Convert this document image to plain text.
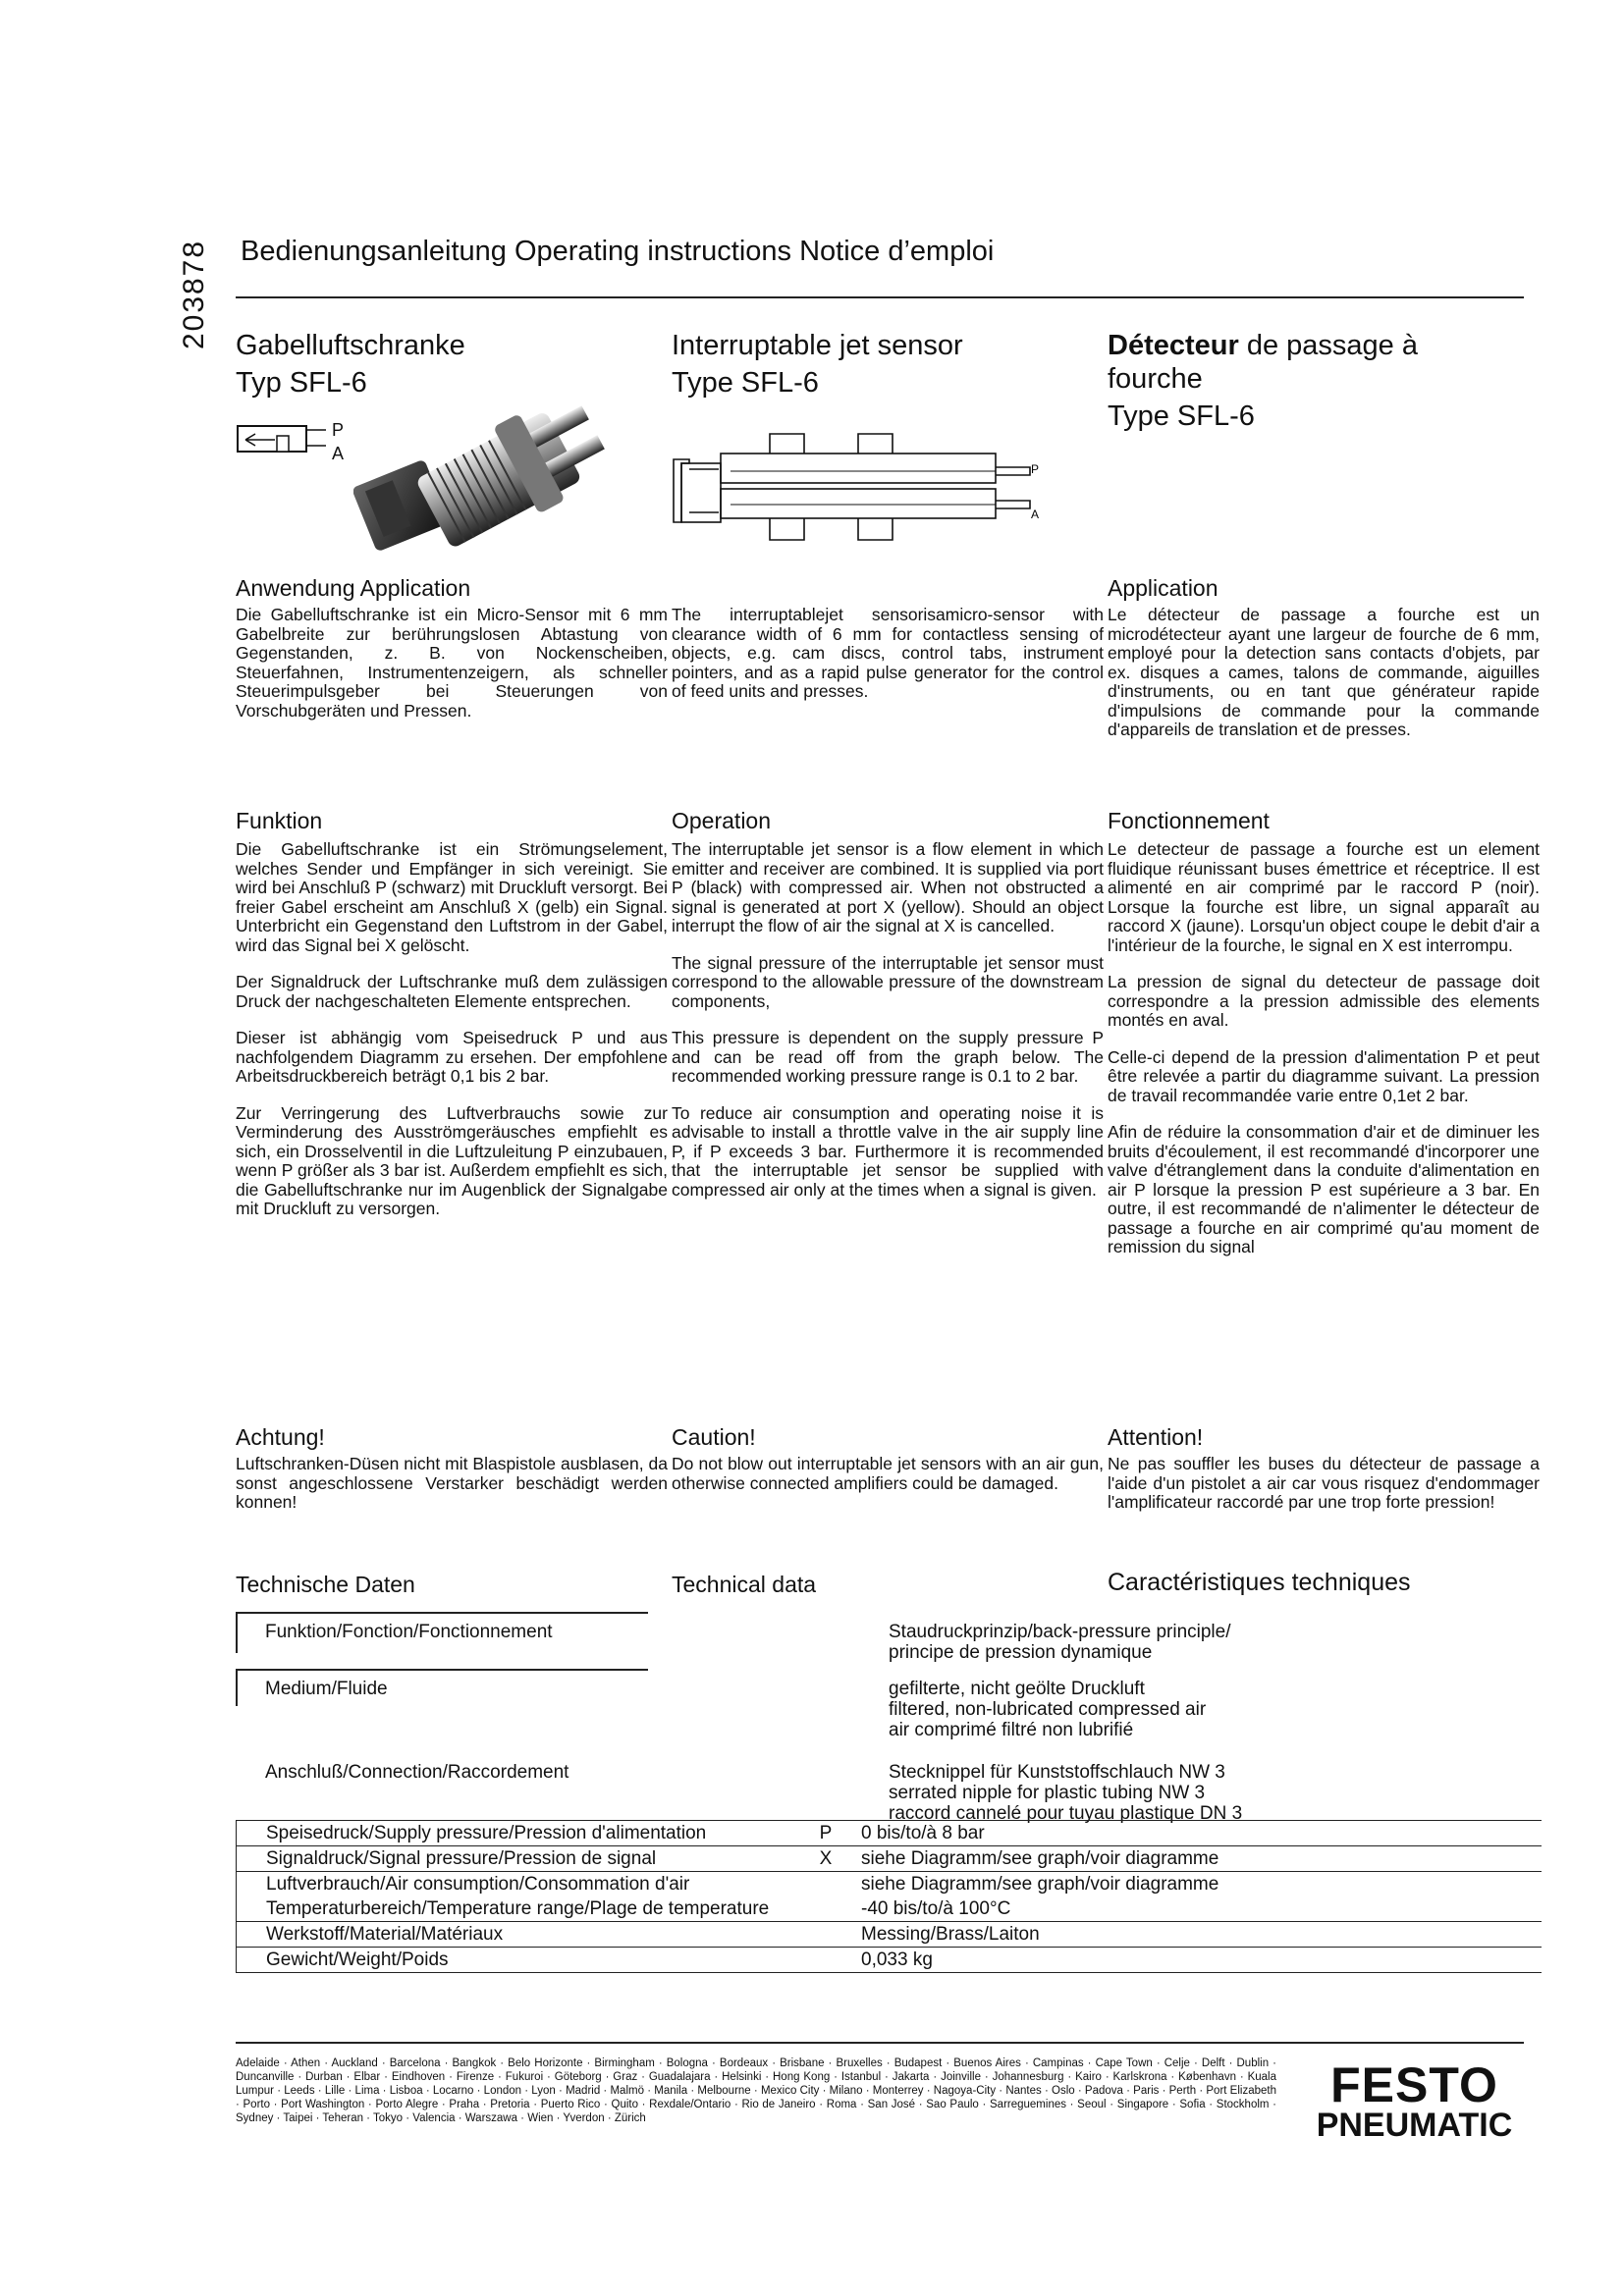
203878 Bedienungsanleitung Operating instructions Notice d’emploi
Gabelluftschranke
Typ SFL-6
Interruptable jet sensor
Type SFL-6
Détecteur de passage à
fourche
Type SFL-6
P
A
P
A
Anwendung Application
Die Gabelluftschranke ist ein Micro-Sensor mit 6 mm Gabelbreite zur berührungslosen Abtastung von Gegenstanden, z. B. von Nockenscheiben, Steuerfahnen, Instrumentenzeigern, als schneller Steuerimpulsgeber bei Steuerungen von Vorschubgeräten und Pressen.
The interruptablejet sensorisamicro-sensor with clearance width of 6 mm for contactless sensing of objects, e.g. cam discs, control tabs, instrument pointers, and as a rapid pulse generator for the control of feed units and presses.
Application
Le détecteur de passage a fourche est un microdétecteur ayant une largeur de fourche de 6 mm, employé pour la detection sans contacts d'objets, par ex. disques a cames, talons de commande, aiguilles d'instruments, ou en tant que générateur rapide d'impulsions de commande pour la commande d'appareils de translation et de presses.
Funktion

Die Gabelluftschranke ist ein Strömungselement, welches Sender und Empfänger in sich vereinigt. Sie wird bei Anschluß P (schwarz) mit Druckluft versorgt. Bei freier Gabel erscheint am Anschluß X (gelb) ein Signal. Unterbricht ein Gegenstand den Luftstrom in der Gabel, wird das Signal bei X gelöscht.

Der Signaldruck der Luftschranke muß dem zulässigen Druck der nachgeschalteten Elemente entsprechen.

Dieser ist abhängig vom Speisedruck P und aus nachfolgendem Diagramm zu ersehen. Der empfohlene Arbeitsdruckbereich beträgt 0,1 bis 2 bar.

Zur Verringerung des Luftverbrauchs sowie zur Verminderung des Ausströmgeräusches empfiehlt es sich, ein Drosselventil in die Luftzuleitung P einzubauen, wenn P größer als 3 bar ist. Außerdem empfiehlt es sich, die Gabelluftschranke nur im Augenblick der Signalgabe mit Druckluft zu versorgen.

Operation

The interruptable jet sensor is a flow element in which emitter and receiver are combined. It is supplied via port P (black) with compressed air. When not obstructed a signal is generated at port X (yellow). Should an object interrupt the flow of air the signal at X is cancelled.

The signal pressure of the interruptable jet sensor must correspond to the allowable pressure of the downstream components,

This pressure is dependent on the supply pressure P and can be read off from the graph below. The recommended working pressure range is 0.1 to 2 bar.

To reduce air consumption and operating noise it is advisable to install a throttle valve in the air supply line P, if P exceeds 3 bar. Furthermore it is recommended that the interruptable jet sensor be supplied with compressed air only at the times when a signal is given.

Fonctionnement

Le detecteur de passage a fourche est un element fluidique réunissant buses émettrice et réceptrice. Il est alimenté en air comprimé par le raccord P (noir). Lorsque la fourche est libre, un signal apparaît au raccord X (jaune). Lorsqu'un object coupe le debit d'air a l'intérieur de la fourche, le signal en X est interrompu.

La pression de signal du detecteur de passage doit correspondre a la pression admissible des elements montés en aval.

Celle-ci depend de la pression d'alimentation P et peut être relevée a partir du diagramme suivant. La pression de travail recommandée varie entre 0,1et 2 bar.

Afin de réduire la consommation d'air et de diminuer les bruits d'écoulement, il est recommandé d'incorporer une valve d'étranglement dans la conduite d'alimentation en air P lorsque la pression P est supérieure a 3 bar. En outre, il est recommandé de n'alimenter le détecteur de passage a fourche en air comprimé qu'au moment de remission du signal

Achtung!
Luftschranken-Düsen nicht mit Blaspistole ausblasen, da sonst angeschlossene Verstarker beschädigt werden konnen!
Caution!
Do not blow out interruptable jet sensors with an air gun, otherwise connected amplifiers could be damaged.
Attention!
Ne pas souffler les buses du détecteur de passage a l'aide d'un pistolet a air car vous risquez d'endommager l'amplificateur raccordé par une trop forte pression!
Technische Daten	Technical data	Caractéristiques techniques
Funktion/Fonction/Fonctionnement	Staudruckprinzip/back-pressure principle/
principe de pression dynamique
Medium/Fluide	gefilterte, nicht geölte Druckluft
filtered, non-lubricated compressed air
air comprimé filtré non lubrifié
Anschluß/Connection/Raccordement	Stecknippel für Kunststoffschlauch NW 3
serrated nipple for plastic tubing NW 3
raccord cannelé pour tuyau plastique DN 3
Speisedruck/Supply pressure/Pression d'alimentation	P	0 bis/to/à 8 bar
Signaldruck/Signal pressure/Pression de signal	X	siehe Diagramm/see graph/voir diagramme
Luftverbrauch/Air consumption/Consommation d'air		siehe Diagramm/see graph/voir diagramme
Temperaturbereich/Temperature range/Plage de temperature		-40 bis/to/à 100°C
Werkstoff/Material/Matériaux		Messing/Brass/Laiton
Gewicht/Weight/Poids		0,033 kg
Adelaide · Athen · Auckland · Barcelona · Bangkok · Belo Horizonte · Birmingham · Bologna · Bordeaux · Brisbane · Bruxelles · Budapest · Buenos Aires · Campinas · Cape Town · Celje · Delft · Dublin · Duncanville · Durban · Elbar · Eindhoven · Firenze · Fukuroi · Göteborg · Graz · Guadalajara · Helsinki · Hong Kong · Istanbul · Jakarta · Joinville · Johannesburg · Kairo · Karlskrona · København · Kuala Lumpur · Leeds · Lille · Lima · Lisboa · Locarno · London · Lyon · Madrid · Malmö · Manila · Melbourne · Mexico City · Milano · Monterrey · Nagoya-City · Nantes · Oslo · Padova · Paris · Perth · Port Elizabeth · Porto · Port Washington · Porto Alegre · Praha · Pretoria · Puerto Rico · Quito · Rexdale/Ontario · Rio de Janeiro · Roma · San José · Sao Paulo · Sarreguemines · Seoul · Singapore · Sofia · Stockholm · Sydney · Taipei · Teheran · Tokyo · Valencia · Warszawa · Wien · Yverdon · Zürich
FESTO
PNEUMATIC
